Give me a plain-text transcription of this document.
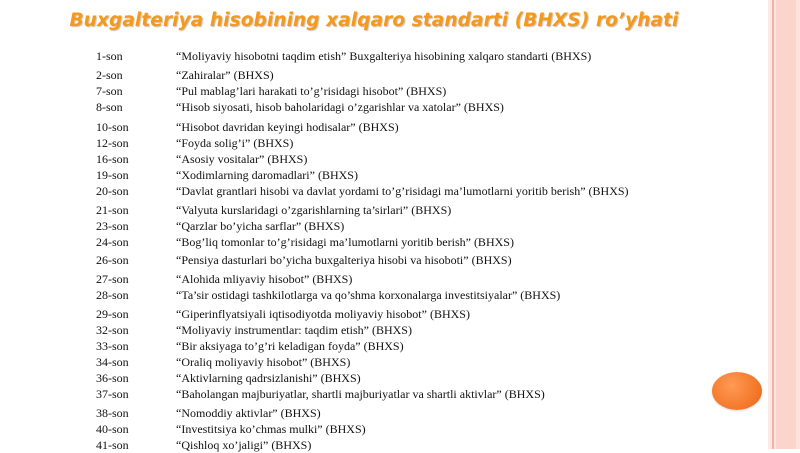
Buxgalteriya hisobining xalqaro standarti (BHXS) ro’yhati
1-son	“Moliyaviy hisobotni taqdim etish” Buxgalteriya hisobining xalqaro standarti (BHXS)
2-son	“Zahiralar” (BHXS)
7-son	“Pul mablag’lari harakati to’g’risidagi hisobot” (BHXS)
8-son	“Hisob siyosati, hisob baholaridagi o’zgarishlar va xatolar” (BHXS)
10-son	“Hisobot davridan keyingi hodisalar” (BHXS)
12-son	“Foyda solig’i” (BHXS)
16-son	“Asosiy vositalar” (BHXS)
19-son	“Xodimlarning daromadlari” (BHXS)
20-son	“Davlat grantlari hisobi va davlat yordami to’g’risidagi ma’lumotlarni yoritib berish” (BHXS)
21-son	“Valyuta kurslaridagi o’zgarishlarning ta’sirlari” (BHXS)
23-son	“Qarzlar bo’yicha sarflar” (BHXS)
24-son	“Bog’liq tomonlar to’g’risidagi ma’lumotlarni yoritib berish” (BHXS)
26-son	“Pensiya dasturlari bo’yicha buxgalteriya hisobi va hisoboti” (BHXS)
27-son	“Alohida mliyaviy hisobot” (BHXS)
28-son	“Ta’sir ostidagi tashkilotlarga va qo’shma korxonalarga investitsiyalar” (BHXS)
29-son	“Giperinflyatsiyali iqtisodiyotda moliyaviy hisobot” (BHXS)
32-son	“Moliyaviy instrumentlar: taqdim etish” (BHXS)
33-son	“Bir aksiyaga to’g’ri keladigan foyda” (BHXS)
34-son	“Oraliq moliyaviy hisobot” (BHXS)
36-son	“Aktivlarning qadrsizlanishi” (BHXS)
37-son	“Baholangan majburiyatlar, shartli majburiyatlar va shartli aktivlar” (BHXS)
38-son	“Nomoddiy aktivlar” (BHXS)
40-son	“Investitsiya ko’chmas mulki” (BHXS)
41-son	“Qishloq xo’jaligi” (BHXS)
